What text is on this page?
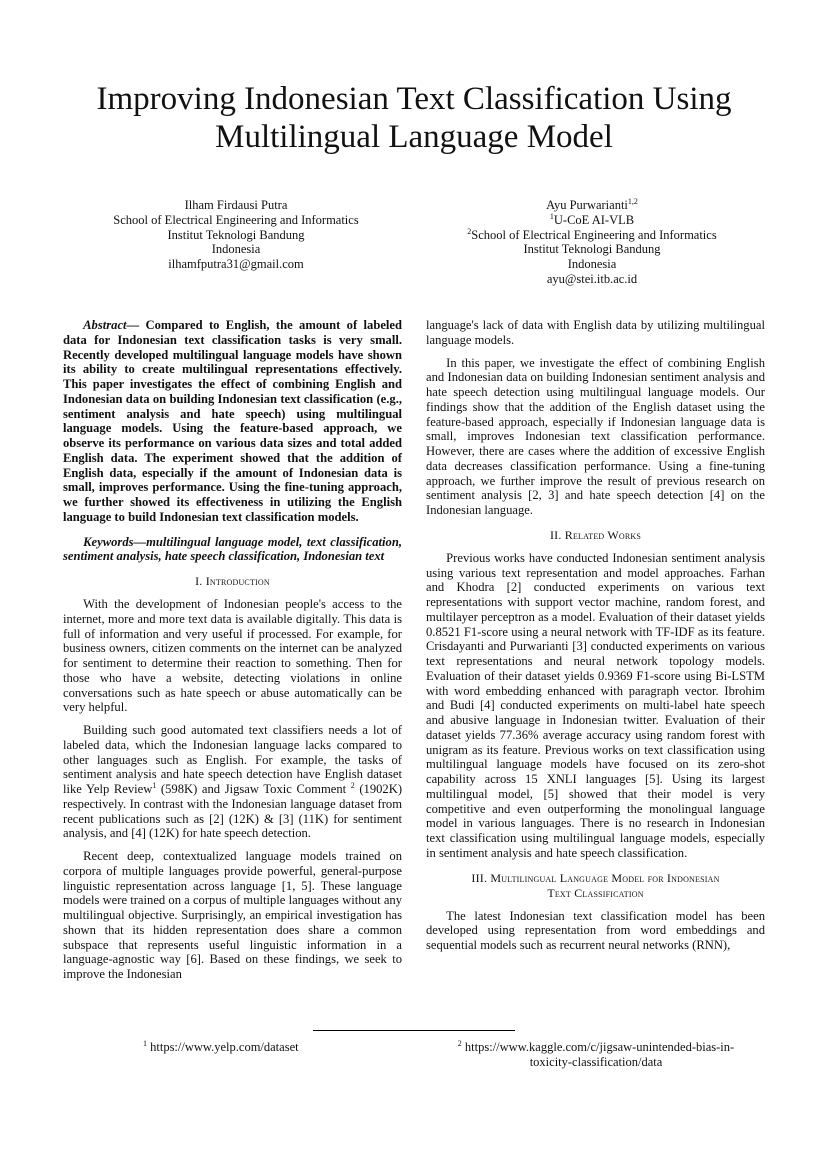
Improving Indonesian Text Classification Using
Multilingual Language Model
Ilham Firdausi Putra
School of Electrical Engineering and Informatics
Institut Teknologi Bandung
Indonesia
ilhamfputra31@gmail.com
Ayu Purwarianti$^{1,2}$
$^1$U-CoE AI-VLB
$^2$School of Electrical Engineering and Informatics
Institut Teknologi Bandung
Indonesia
ayu@stei.itb.ac.id
Abstract— Compared to English, the amount of labeled data for Indonesian text classification tasks is very small. Recently developed multilingual language models have shown its ability to create multilingual representations effectively. This paper investigates the effect of combining English and Indonesian data on building Indonesian text classification (e.g., sentiment analysis and hate speech) using multilingual language models. Using the feature-based approach, we observe its performance on various data sizes and total added English data. The experiment showed that the addition of English data, especially if the amount of Indonesian data is small, improves performance. Using the fine-tuning approach, we further showed its effectiveness in utilizing the English language to build Indonesian text classification models.
Keywords—multilingual language model, text classification, sentiment analysis, hate speech classification, Indonesian text
I. Introduction

With the development of Indonesian people's access to the internet, more and more text data is available digitally. This data is full of information and very useful if processed. For example, for business owners, citizen comments on the internet can be analyzed for sentiment to determine their reaction to something. Then for those who have a website, detecting violations in online conversations such as hate speech or abuse automatically can be very helpful.

Building such good automated text classifiers needs a lot of labeled data, which the Indonesian language lacks compared to other languages such as English. For example, the tasks of sentiment analysis and hate speech detection have English dataset like Yelp Review$^1$ (598K) and Jigsaw Toxic Comment $^2$ (1902K) respectively. In contrast with the Indonesian language dataset from recent publications such as [2] (12K) & [3] (11K) for sentiment analysis, and [4] (12K) for hate speech detection.

Recent deep, contextualized language models trained on corpora of multiple languages provide powerful, general-purpose linguistic representation across language [1, 5]. These language models were trained on a corpus of multiple languages without any multilingual objective. Surprisingly, an empirical investigation has shown that its hidden representation does share a common subspace that represents useful linguistic information in a language-agnostic way [6]. Based on these findings, we seek to improve the Indonesian

language's lack of data with English data by utilizing multilingual language models.

In this paper, we investigate the effect of combining English and Indonesian data on building Indonesian sentiment analysis and hate speech detection using multilingual language models. Our findings show that the addition of the English dataset using the feature-based approach, especially if Indonesian language data is small, improves Indonesian text classification performance. However, there are cases where the addition of excessive English data decreases classification performance. Using a fine-tuning approach, we further improve the result of previous research on sentiment analysis [2, 3] and hate speech detection [4] on the Indonesian language.

II. Related Works

Previous works have conducted Indonesian sentiment analysis using various text representation and model approaches. Farhan and Khodra [2] conducted experiments on various text representations with support vector machine, random forest, and multilayer perceptron as a model. Evaluation of their dataset yields 0.8521 F1-score using a neural network with TF-IDF as its feature. Crisdayanti and Purwarianti [3] conducted experiments on various text representations and neural network topology models. Evaluation of their dataset yields 0.9369 F1-score using Bi-LSTM with word embedding enhanced with paragraph vector. Ibrohim and Budi [4] conducted experiments on multi-label hate speech and abusive language in Indonesian twitter. Evaluation of their dataset yields 77.36% average accuracy using random forest with unigram as its feature. Previous works on text classification using multilingual language models have focused on its zero-shot capability across 15 XNLI languages [5]. Using its largest multilingual model, [5] showed that their model is very competitive and even outperforming the monolingual language model in various languages. There is no research in Indonesian text classification using multilingual language models, especially in sentiment analysis and hate speech classification.

III. Multilingual Language Model for Indonesian
Text Classification

The latest Indonesian text classification model has been developed using representation from word embeddings and sequential models such as recurrent neural networks (RNN),

$^1$ https://www.yelp.com/dataset	$^2$ https://www.kaggle.com/c/jigsaw-unintended-bias-in-
toxicity-classification/data
